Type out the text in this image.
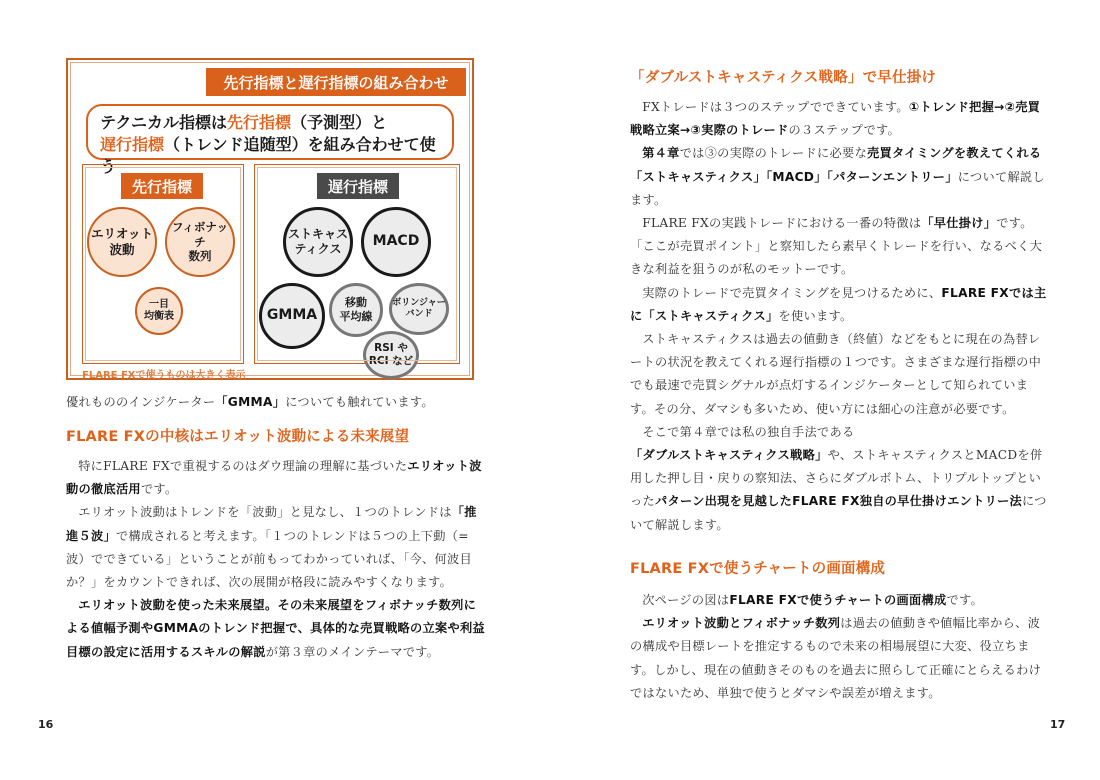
先行指標と遅行指標の組み合わせ
テクニカル指標は先行指標（予測型）と
遅行指標（トレンド追随型）を組み合わせて使う
先行指標
エリオット
波動
フィボナッチ
数列
一目
均衡表
遅行指標
ストキャス
ティクス	MACD
GMMA
移動
平均線
ボリンジャー
バンド
RSI や
RCI など
FLARE FXで使うものは大きく表示

優れもののインジケーター「GMMA」についても触れています。

FLARE FXの中核はエリオット波動による未来展望

特にFLARE FXで重視するのはダウ理論の理解に基づいたエリオット波動の徹底活用です。

エリオット波動はトレンドを「波動」と見なし、１つのトレンドは「推進５波」で構成されると考えます。「１つのトレンドは５つの上下動（=波）でできている」ということが前もってわかっていれば、「今、何波目か？」をカウントできれば、次の展開が格段に読みやすくなります。

エリオット波動を使った未来展望。その未来展望をフィボナッチ数列による値幅予測やGMMAのトレンド把握で、具体的な売買戦略の立案や利益目標の設定に活用するスキルの解説が第３章のメインテーマです。

16
「ダブルストキャスティクス戦略」で早仕掛け

FXトレードは３つのステップでできています。①トレンド把握→②売買戦略立案→③実際のトレードの３ステップです。

第４章では③の実際のトレードに必要な売買タイミングを教えてくれる「ストキャスティクス」「MACD」「パターンエントリー」について解説します。

FLARE FXの実践トレードにおける一番の特徴は「早仕掛け」です。「ここが売買ポイント」と察知したら素早くトレードを行い、なるべく大きな利益を狙うのが私のモットーです。

実際のトレードで売買タイミングを見つけるために、FLARE FXでは主に「ストキャスティクス」を使います。

ストキャスティクスは過去の値動き（終値）などをもとに現在の為替レートの状況を教えてくれる遅行指標の１つです。さまざまな遅行指標の中でも最速で売買シグナルが点灯するインジケーターとして知られています。その分、ダマシも多いため、使い方には細心の注意が必要です。

そこで第４章では私の独自手法である「ダブルストキャスティクス戦略」や、ストキャスティクスとMACDを併用した押し目・戻りの察知法、さらにダブルボトム、トリプルトップといったパターン出現を見越したFLARE FX独自の早仕掛けエントリー法について解説します。

FLARE FXで使うチャートの画面構成

次ページの図はFLARE FXで使うチャートの画面構成です。

エリオット波動とフィボナッチ数列は過去の値動きや値幅比率から、波の構成や目標レートを推定するもので未来の相場展望に大変、役立ちます。しかし、現在の値動きそのものを過去に照らして正確にとらえるわけではないため、単独で使うとダマシや誤差が増えます。

17
